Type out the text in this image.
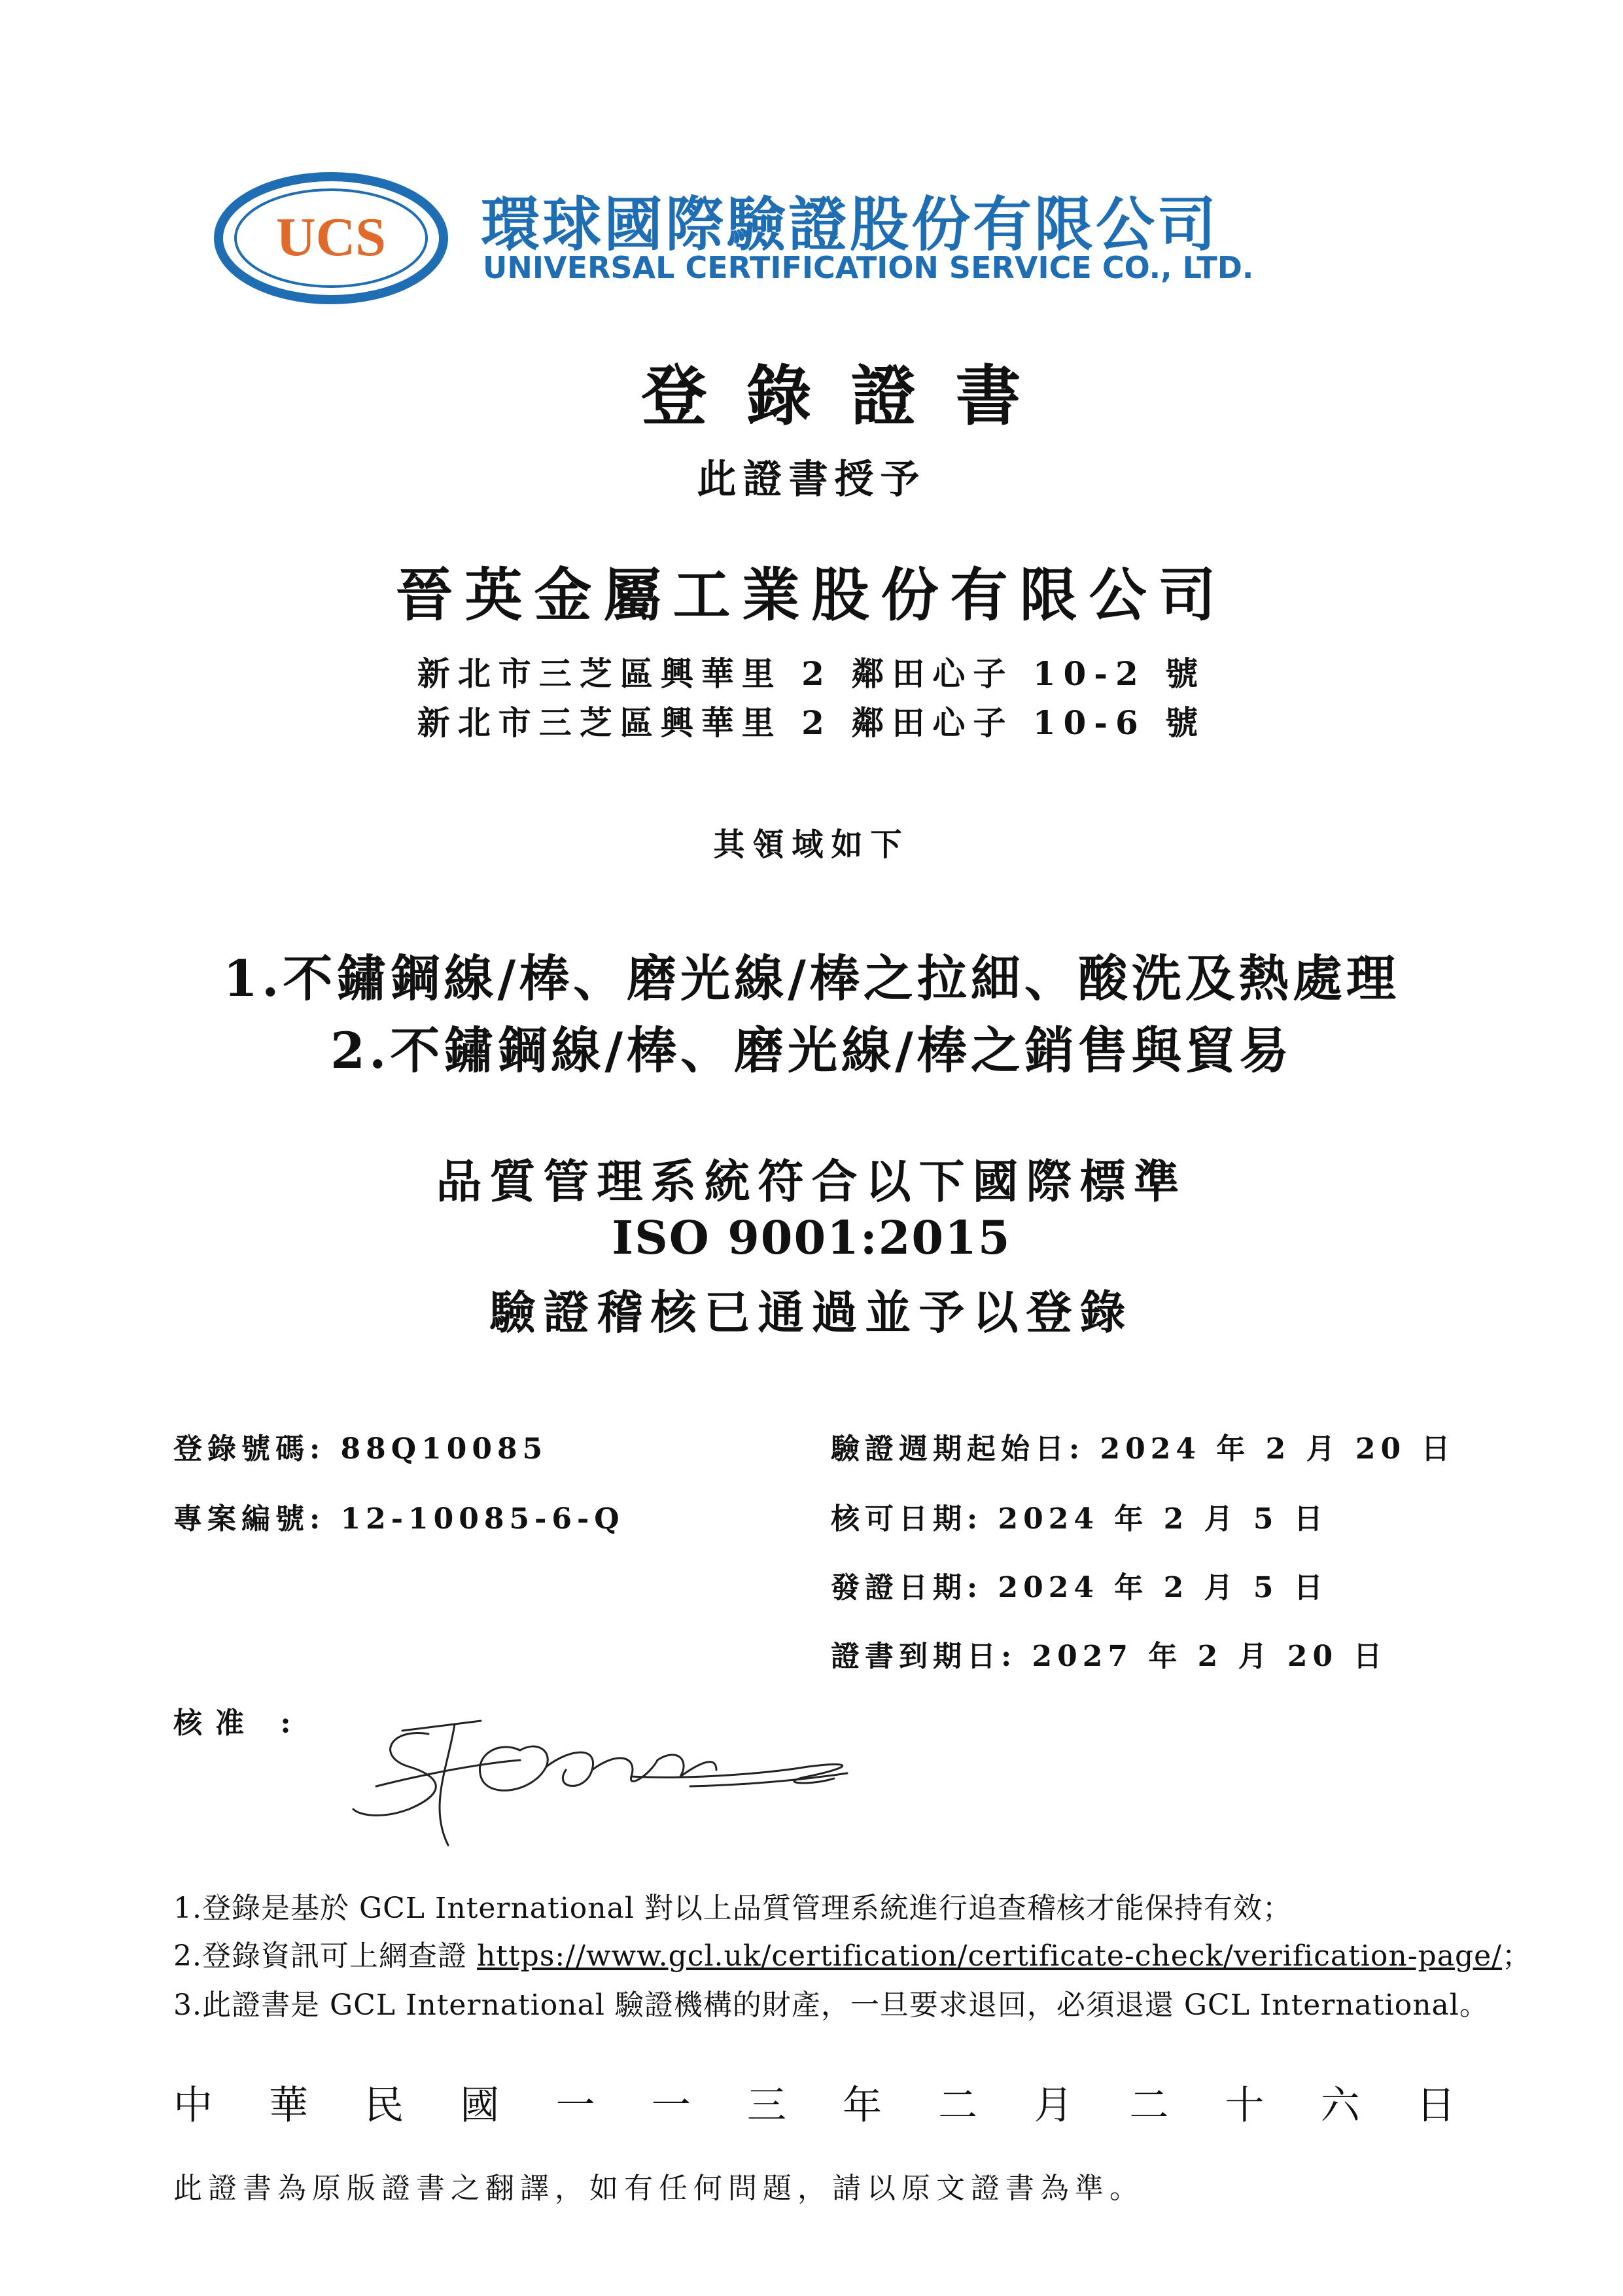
UCS 環球國際驗證股份有限公司
UNIVERSAL CERTIFICATION SERVICE CO., LTD.
登錄證書
此證書授予
晉英金屬工業股份有限公司
新北市三芝區興華里 2 鄰田心子 10-2 號
新北市三芝區興華里 2 鄰田心子 10-6 號
其領域如下
1.不鏽鋼線/棒、磨光線/棒之拉細、酸洗及熱處理
2.不鏽鋼線/棒、磨光線/棒之銷售與貿易
品質管理系統符合以下國際標準
ISO 9001:2015
驗證稽核已通過並予以登錄
登錄號碼: 88Q10085
專案編號: 12-10085-6-Q
驗證週期起始日: 2024 年 2 月 20 日
核可日期: 2024 年 2 月 5 日
發證日期: 2024 年 2 月 5 日
證書到期日: 2027 年 2 月 20 日
核准 :
1.登錄是基於 GCL International 對以上品質管理系統進行追查稽核才能保持有效；
2.登錄資訊可上網查證 https://www.gcl.uk/certification/certificate-check/verification-page/；
3.此證書是 GCL International 驗證機構的財產，一旦要求退回，必須退還 GCL International。
中 華 民 國 一 一 三 年 二 月 二 十 六 日
此證書為原版證書之翻譯，如有任何問題，請以原文證書為準。
